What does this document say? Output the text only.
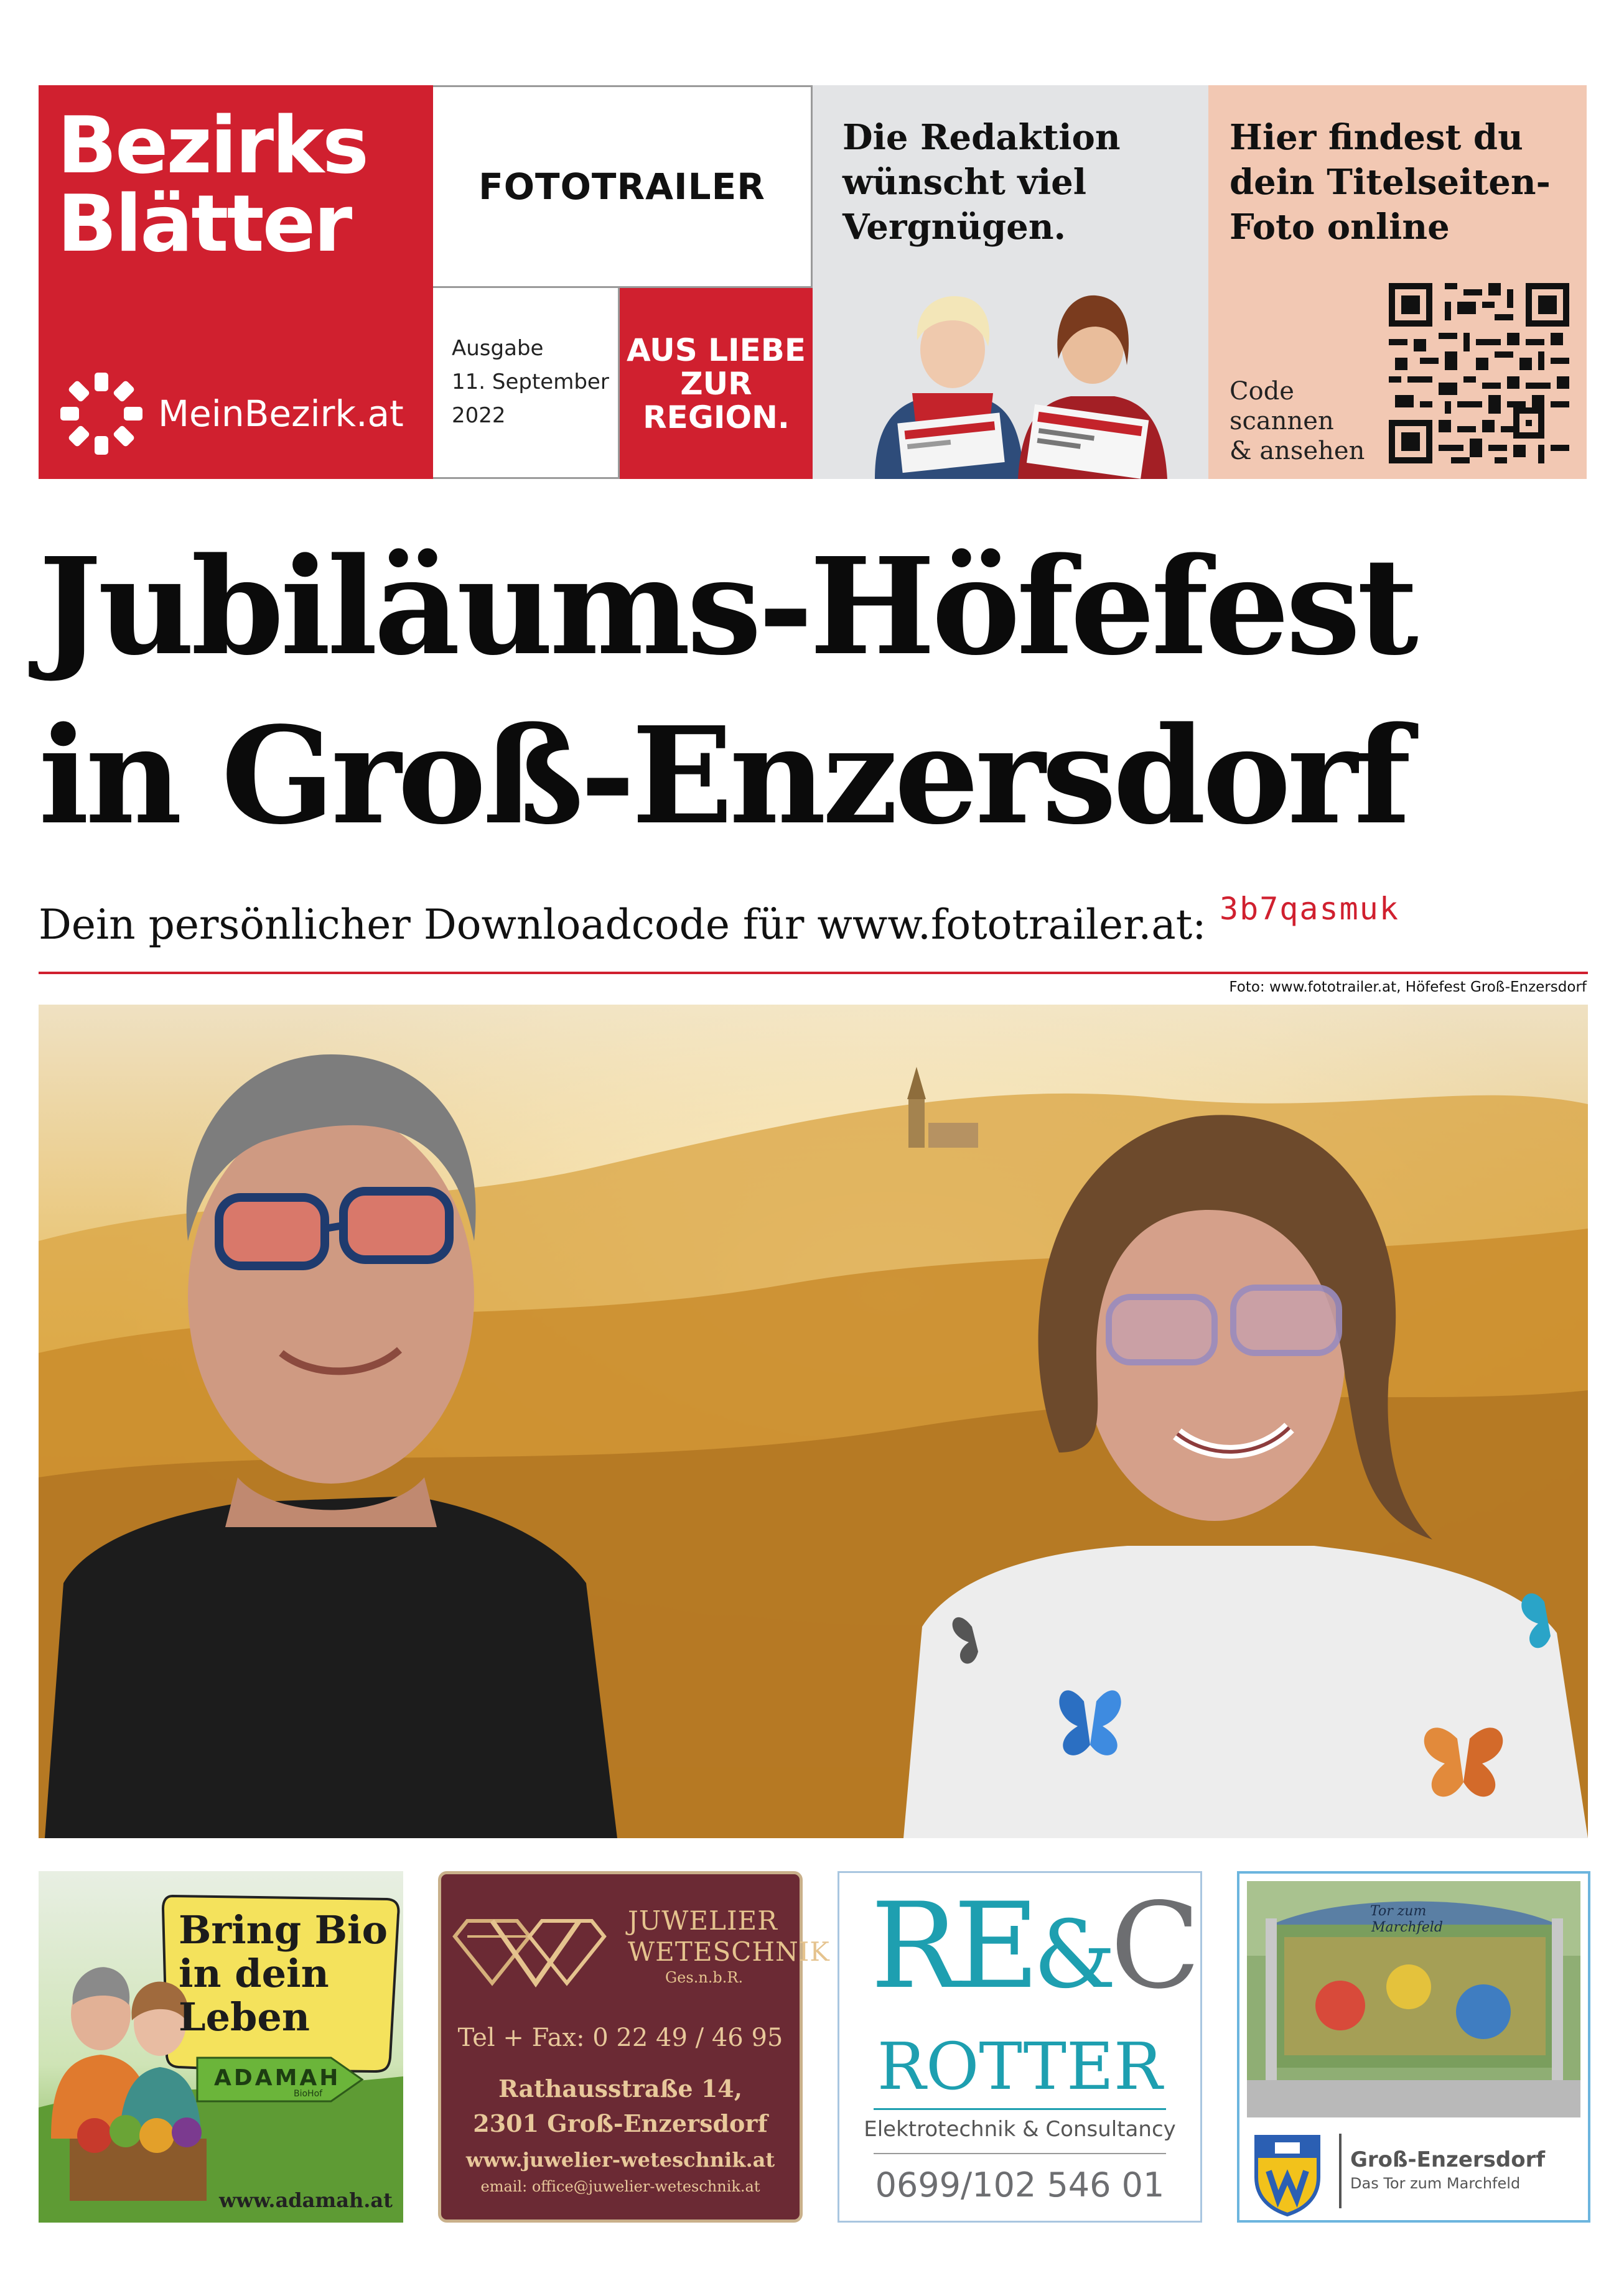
Bezirks
Blätter
MeinBezirk.at
FOTOTRAILER
Ausgabe
11. September
2022
AUS LIEBE
ZUR
REGION.
Die Redaktion
wünscht viel
Vergnügen.
Hier findest du
dein Titelseiten-
Foto online
Code
scannen
& ansehen
Jubiläums-Höfefest
in Groß-Enzersdorf
Dein persönlicher Downloadcode für www.fototrailer.at: 3b7qasmuk
Foto: www.fototrailer.at, Höfefest Groß-Enzersdorf
Bring Bio
in dein
Leben
ADAMAH
BioHof
www.adamah.at
JUWELIER
WETESCHNIK
Ges.n.b.R.
Tel + Fax: 0 22 49 / 46 95
Rathausstraße 14,
2301 Groß-Enzersdorf
www.juwelier-weteschnik.at
email: office@juwelier-weteschnik.at
RE&C
ROTTER
Elektrotechnik & Consultancy
0699/102 546 01
Tor zum
Marchfeld
Groß-Enzersdorf
Das Tor zum Marchfeld
